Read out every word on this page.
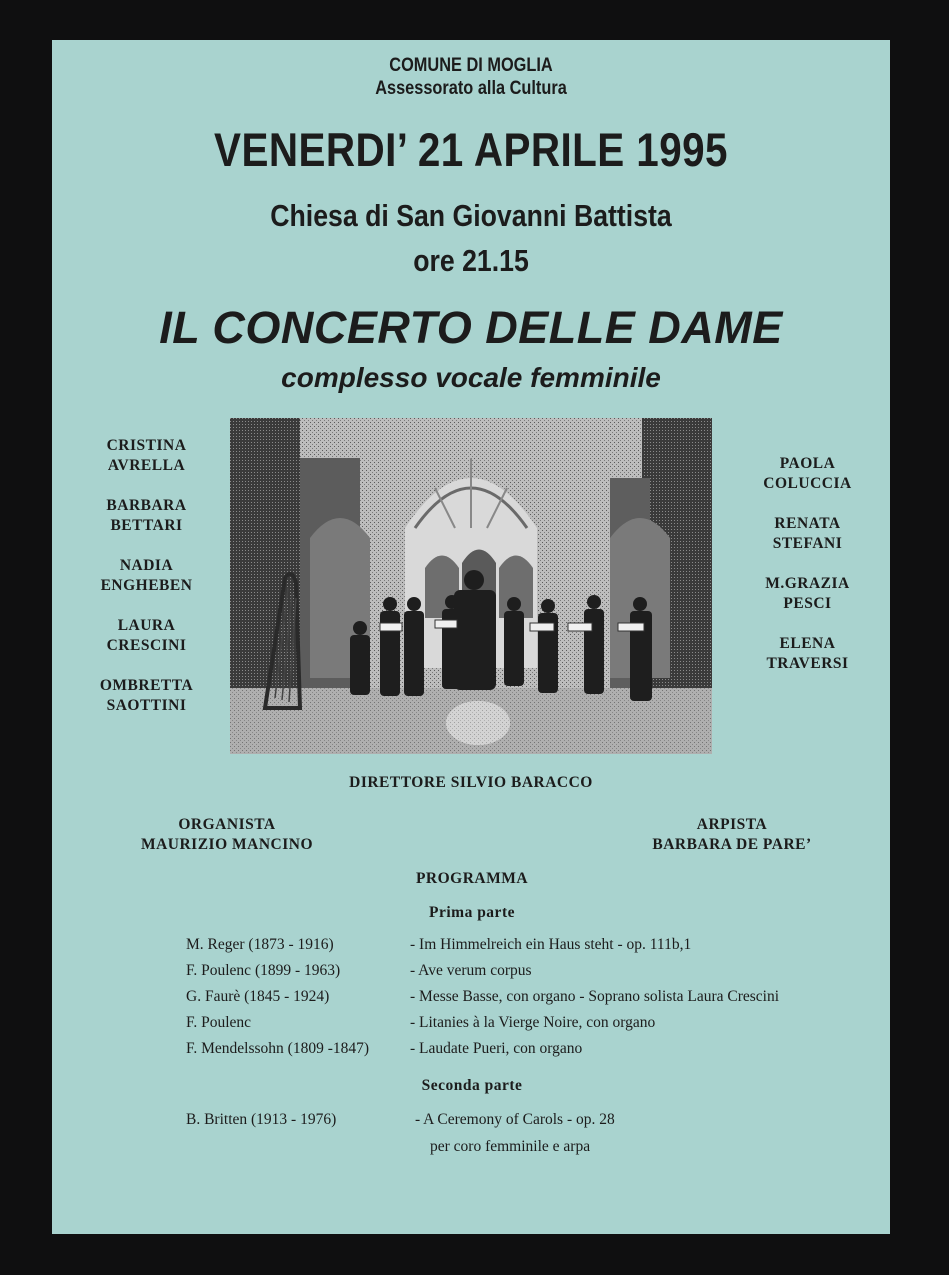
COMUNE DI MOGLIA
Assessorato alla Cultura
VENERDI’ 21 APRILE 1995
Chiesa di San Giovanni Battista
ore 21.15
IL CONCERTO DELLE DAME
complesso vocale femminile
CRISTINA
AVRELLA
BARBARA
BETTARI
NADIA
ENGHEBEN
LAURA
CRESCINI
OMBRETTA
SAOTTINI
PAOLA
COLUCCIA
RENATA
STEFANI
M.GRAZIA
PESCI
ELENA
TRAVERSI
DIRETTORE SILVIO BARACCO
ORGANISTA
MAURIZIO MANCINO
ARPISTA
BARBARA DE PARE’
PROGRAMMA
Prima parte
M. Reger (1873 - 1916)
F. Poulenc (1899 - 1963)
G. Faurè (1845 - 1924)
F. Poulenc
F. Mendelssohn (1809 -1847)
- Im Himmelreich ein Haus steht - op. 111b,1
- Ave verum corpus
- Messe Basse, con organo - Soprano solista Laura Crescini
- Litanies à la Vierge Noire, con organo
- Laudate Pueri, con organo
Seconda parte
B. Britten (1913 - 1976)	- A Ceremony of Carols - op. 28
per coro femminile e arpa
